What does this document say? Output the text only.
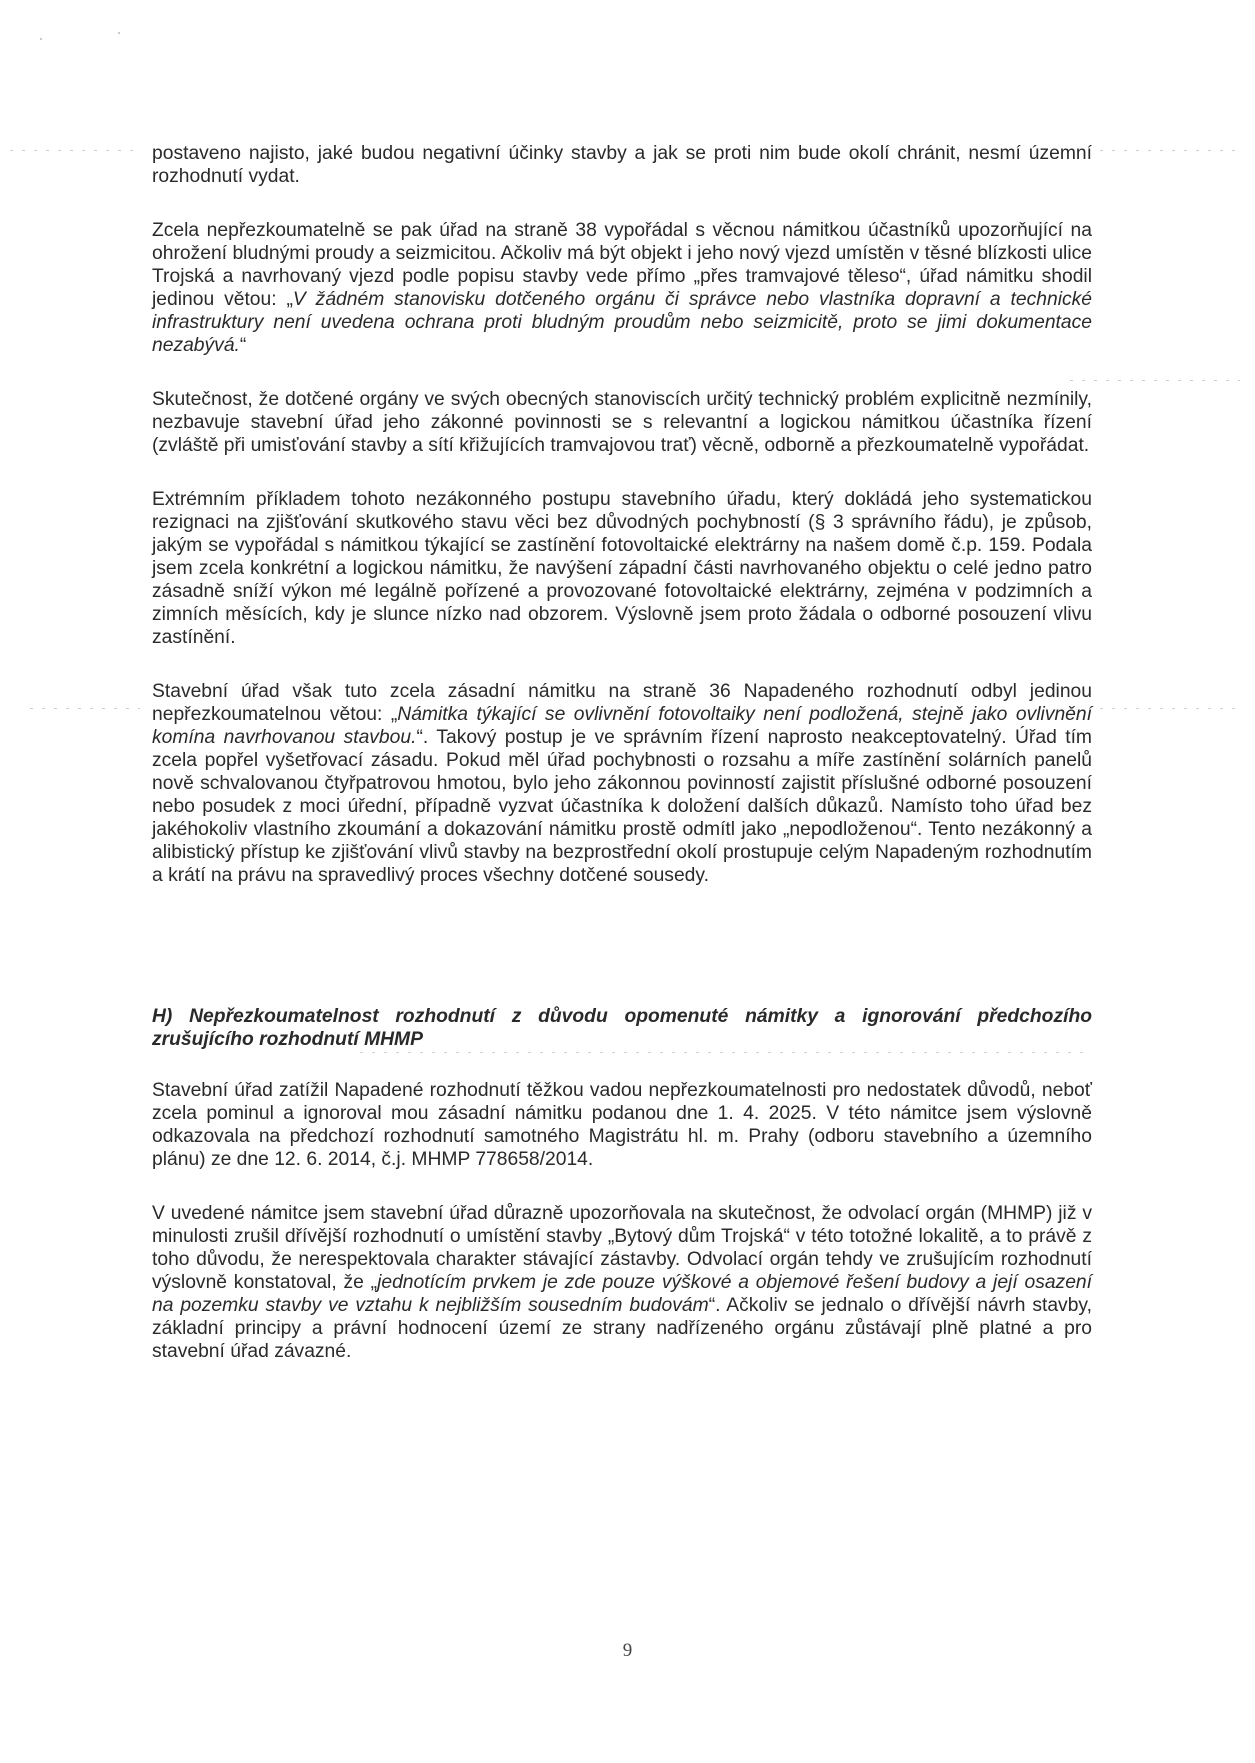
postaveno najisto, jaké budou negativní účinky stavby a jak se proti nim bude okolí chránit, nesmí územní rozhodnutí vydat.

Zcela nepřezkoumatelně se pak úřad na straně 38 vypořádal s věcnou námitkou účastníků upozorňující na ohrožení bludnými proudy a seizmicitou. Ačkoliv má být objekt i jeho nový vjezd umístěn v těsné blízkosti ulice Trojská a navrhovaný vjezd podle popisu stavby vede přímo „přes tramvajové těleso“, úřad námitku shodil jedinou větou: „V žádném stanovisku dotčeného orgánu či správce nebo vlastníka dopravní a technické infrastruktury není uvedena ochrana proti bludným proudům nebo seizmicitě, proto se jimi dokumentace nezabývá.“

Skutečnost, že dotčené orgány ve svých obecných stanoviscích určitý technický problém explicitně nezmínily, nezbavuje stavební úřad jeho zákonné povinnosti se s relevantní a logickou námitkou účastníka řízení (zvláště při umisťování stavby a sítí křižujících tramvajovou trať) věcně, odborně a přezkoumatelně vypořádat.

Extrémním příkladem tohoto nezákonného postupu stavebního úřadu, který dokládá jeho systematickou rezignaci na zjišťování skutkového stavu věci bez důvodných pochybností (§ 3 správního řádu), je způsob, jakým se vypořádal s námitkou týkající se zastínění fotovoltaické elektrárny na našem domě č.p. 159. Podala jsem zcela konkrétní a logickou námitku, že navýšení západní části navrhovaného objektu o celé jedno patro zásadně sníží výkon mé legálně pořízené a provozované fotovoltaické elektrárny, zejména v podzimních a zimních měsících, kdy je slunce nízko nad obzorem. Výslovně jsem proto žádala o odborné posouzení vlivu zastínění.

Stavební úřad však tuto zcela zásadní námitku na straně 36 Napadeného rozhodnutí odbyl jedinou nepřezkoumatelnou větou: „Námitka týkající se ovlivnění fotovoltaiky není podložená, stejně jako ovlivnění komína navrhovanou stavbou.“. Takový postup je ve správním řízení naprosto neakceptovatelný. Úřad tím zcela popřel vyšetřovací zásadu. Pokud měl úřad pochybnosti o rozsahu a míře zastínění solárních panelů nově schvalovanou čtyřpatrovou hmotou, bylo jeho zákonnou povinností zajistit příslušné odborné posouzení nebo posudek z moci úřední, případně vyzvat účastníka k doložení dalších důkazů. Namísto toho úřad bez jakéhokoliv vlastního zkoumání a dokazování námitku prostě odmítl jako „nepodloženou“. Tento nezákonný a alibistický přístup ke zjišťování vlivů stavby na bezprostřední okolí prostupuje celým Napadeným rozhodnutím a krátí na právu na spravedlivý proces všechny dotčené sousedy.

H) Nepřezkoumatelnost rozhodnutí z důvodu opomenuté námitky a ignorování předchozího zrušujícího rozhodnutí MHMP

Stavební úřad zatížil Napadené rozhodnutí těžkou vadou nepřezkoumatelnosti pro nedostatek důvodů, neboť zcela pominul a ignoroval mou zásadní námitku podanou dne 1. 4. 2025. V této námitce jsem výslovně odkazovala na předchozí rozhodnutí samotného Magistrátu hl. m. Prahy (odboru stavebního a územního plánu) ze dne 12. 6. 2014, č.j. MHMP 778658/2014.

V uvedené námitce jsem stavební úřad důrazně upozorňovala na skutečnost, že odvolací orgán (MHMP) již v minulosti zrušil dřívější rozhodnutí o umístění stavby „Bytový dům Trojská“ v této totožné lokalitě, a to právě z toho důvodu, že nerespektovala charakter stávající zástavby. Odvolací orgán tehdy ve zrušujícím rozhodnutí výslovně konstatoval, že „jednotícím prvkem je zde pouze výškové a objemové řešení budovy a její osazení na pozemku stavby ve vztahu k nejbližším sousedním budovám“. Ačkoliv se jednalo o dřívější návrh stavby, základní principy a právní hodnocení území ze strany nadřízeného orgánu zůstávají plně platné a pro stavební úřad závazné.

9
